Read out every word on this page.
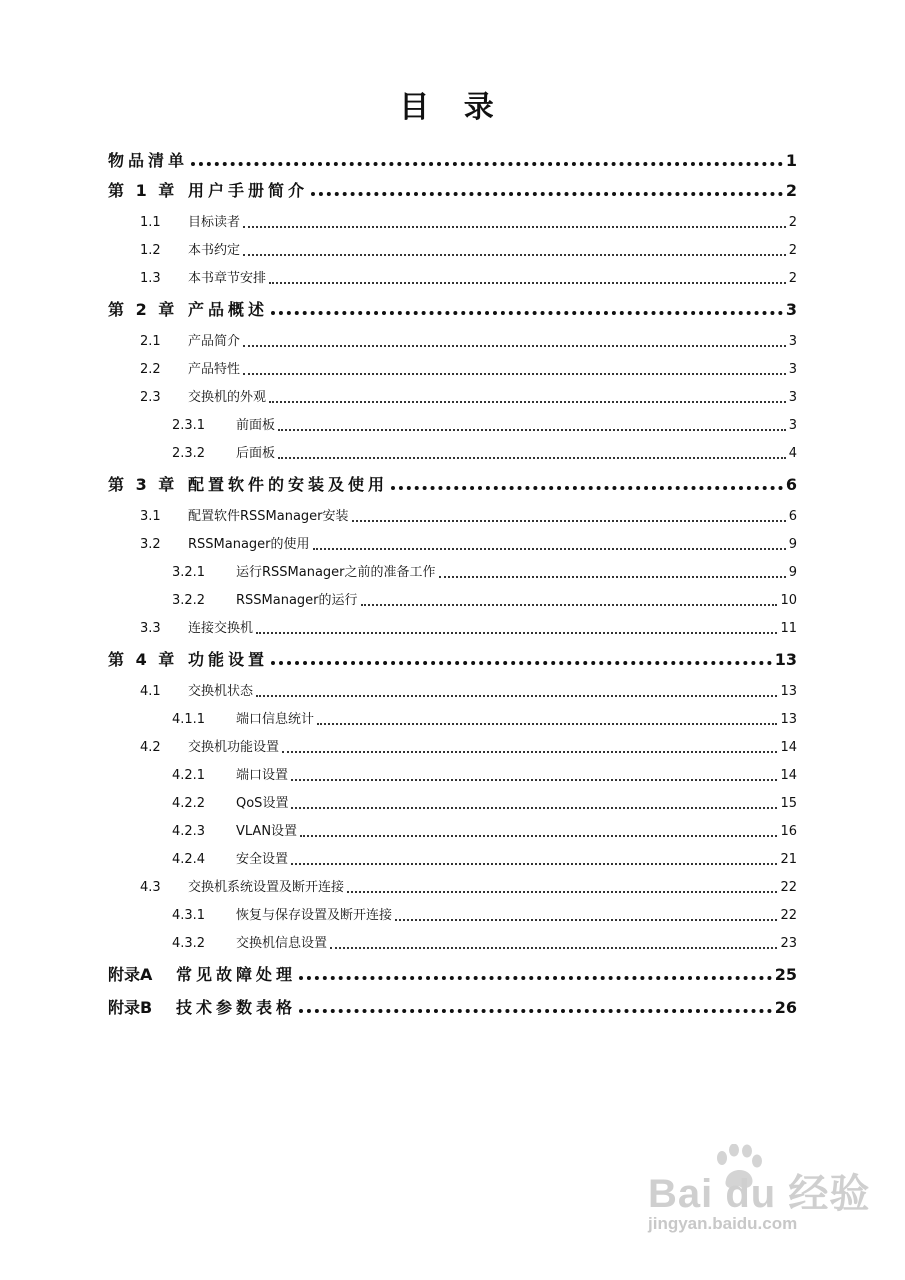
目 录
物品清单	1
第 1 章 用户手册简介	2
1.1	目标读者	2
1.2	本书约定	2
1.3	本书章节安排	2
第 2 章 产品概述	3
2.1	产品简介	3
2.2	产品特性	3
2.3	交换机的外观	3
2.3.1	前面板	3
2.3.2	后面板	4
第 3 章 配置软件的安装及使用	6
3.1	配置软件RSSManager安装	6
3.2	RSSManager的使用	9
3.2.1	运行RSSManager之前的准备工作	9
3.2.2	RSSManager的运行	10
3.3	连接交换机	11
第 4 章 功能设置	13
4.1	交换机状态	13
4.1.1	端口信息统计	13
4.2	交换机功能设置	14
4.2.1	端口设置	14
4.2.2	QoS设置	15
4.2.3	VLAN设置	16
4.2.4	安全设置	21
4.3	交换机系统设置及断开连接	22
4.3.1	恢复与保存设置及断开连接	22
4.3.2	交换机信息设置	23
附录A	常见故障处理	25
附录B	技术参数表格	26
Bai du 经验
jingyan.baidu.com
